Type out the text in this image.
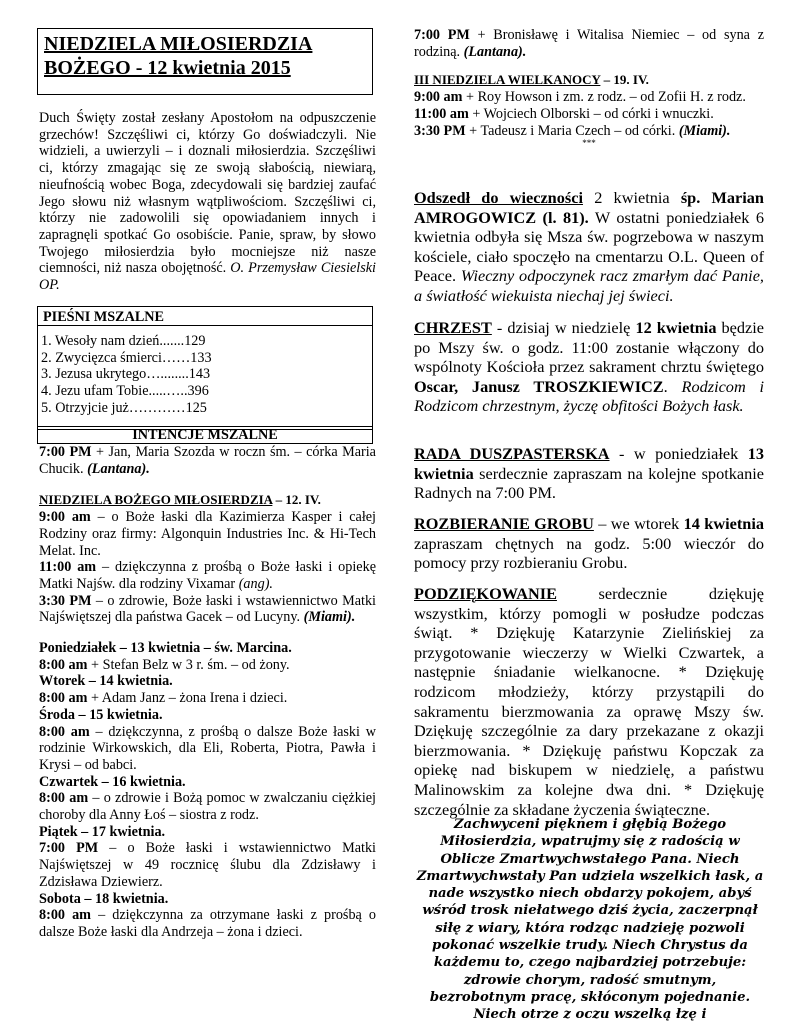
NIEDZIELA MIŁOSIERDZIA
BOŻEGO - 12 kwietnia 2015
Duch Święty został zesłany Apostołom na odpuszczenie grzechów! Szczęśliwi ci, którzy Go doświadczyli. Nie widzieli, a uwierzyli – i doznali miłosierdzia. Szczęśliwi ci, którzy zmagając się ze swoją słabością, niewiarą, nieufnością wobec Boga, zdecydowali się bardziej zaufać Jego słowu niż własnym wątpliwościom. Szczęśliwi ci, którzy nie zadowolili się opowiadaniem innych i zapragnęli spotkać Go osobiście. Panie, spraw, by słowo Twojego miłosierdzia było mocniejsze niż nasze ciemności, niż nasza obojętność. O. Przemysław Ciesielski OP.
PIEŚNI MSZALNE
1. Wesoły nam dzień.......129
2. Zwycięzca śmierci……133
3. Jezusa ukrytego…........143
4. Jezu ufam Tobie.....…..396
5. Otrzyjcie już…………125
INTENCJE MSZALNE

7:00 PM + Jan, Maria Szozda w roczn śm. – córka Maria Chucik. (Lantana).

NIEDZIELA BOŻEGO MIŁOSIERDZIA – 12. IV.

9:00 am – o Boże łaski dla Kazimierza Kasper i całej Rodziny oraz firmy: Algonquin Industries Inc. & Hi-Tech Melat. Inc.

11:00 am – dziękczynna z prośbą o Boże łaski i opiekę Matki Najśw. dla rodziny Vixamar (ang).

3:30 PM – o zdrowie, Boże łaski i wstawiennictwo Matki Najświętszej dla państwa Gacek – od Lucyny. (Miami).

Poniedziałek – 13 kwietnia – św. Marcina.

8:00 am + Stefan Belz w 3 r. śm. – od żony.

Wtorek – 14 kwietnia.

8:00 am + Adam Janz – żona Irena i dzieci.

Środa – 15 kwietnia.

8:00 am – dziękczynna, z prośbą o dalsze Boże łaski w rodzinie Wirkowskich, dla Eli, Roberta, Piotra, Pawła i Krysi – od babci.

Czwartek – 16 kwietnia.

8:00 am – o zdrowie i Bożą pomoc w zwalczaniu ciężkiej choroby dla Anny Łoś – siostra z rodz.

Piątek – 17 kwietnia.

7:00 PM – o Boże łaski i wstawiennictwo Matki Najświętszej w 49 rocznicę ślubu dla Zdzisławy i Zdzisława Dziewierz.

Sobota – 18 kwietnia.

8:00 am – dziękczynna za otrzymane łaski z prośbą o dalsze Boże łaski dla Andrzeja – żona i dzieci.

7:00 PM + Bronisławę i Witalisa Niemiec – od syna z rodziną. (Lantana).

III NIEDZIELA WIELKANOCY – 19. IV.

9:00 am + Roy Howson i zm. z rodz. – od Zofii H. z rodz.

11:00 am + Wojciech Olborski – od córki i wnuczki.

3:30 PM + Tadeusz i Maria Czech – od córki. (Miami).

***

Odszedł do wieczności 2 kwietnia śp. Marian AMROGOWICZ (l. 81). W ostatni poniedziałek 6 kwietnia odbyła się Msza św. pogrzebowa w naszym kościele, ciało spoczęło na cmentarzu O.L. Queen of Peace. Wieczny odpoczynek racz zmarłym dać Panie, a światłość wiekuista niechaj jej świeci.
CHRZEST - dzisiaj w niedzielę 12 kwietnia będzie po Mszy św. o godz. 11:00 zostanie włączony do wspólnoty Kościoła przez sakrament chrztu świętego Oscar, Janusz TROSZKIEWICZ. Rodzicom i Rodzicom chrzestnym, życzę obfitości Bożych łask.
RADA DUSZPASTERSKA - w poniedziałek 13 kwietnia serdecznie zapraszam na kolejne spotkanie Radnych na 7:00 PM.
ROZBIERANIE GROBU – we wtorek 14 kwietnia zapraszam chętnych na godz. 5:00 wieczór do pomocy przy rozbieraniu Grobu.
PODZIĘKOWANIE serdecznie dziękuję wszystkim, którzy pomogli w posłudze podczas świąt. * Dziękuję Katarzynie Zielińskiej za przygotowanie wieczerzy w Wielki Czwartek, a następnie śniadanie wielkanocne. * Dziękuję rodzicom młodzieży, którzy przystąpili do sakramentu bierzmowania za oprawę Mszy św. Dziękuję szczególnie za dary przekazane z okazji bierzmowania. * Dziękuję państwu Kopczak za opiekę nad biskupem w niedzielę, a państwu Malinowskim za kolejne dwa dni. * Dziękuję szczególnie za składane życzenia świąteczne.
Zachwyceni pięknem i głębią Bożego Miłosierdzia, wpatrujmy się z radością w Oblicze Zmartwychwstałego Pana. Niech Zmartwychwstały Pan udziela wszelkich łask, a nade wszystko niech obdarzy pokojem, abyś wśród trosk niełatwego dziś życia, zaczerpnął siłę z wiary, która rodząc nadzieję pozwoli pokonać wszelkie trudy. Niech Chrystus da każdemu to, czego najbardziej potrzebuje: zdrowie chorym, radość smutnym, bezrobotnym pracę, skłóconym pojednanie. Niech otrze z oczu wszelką łzę i
